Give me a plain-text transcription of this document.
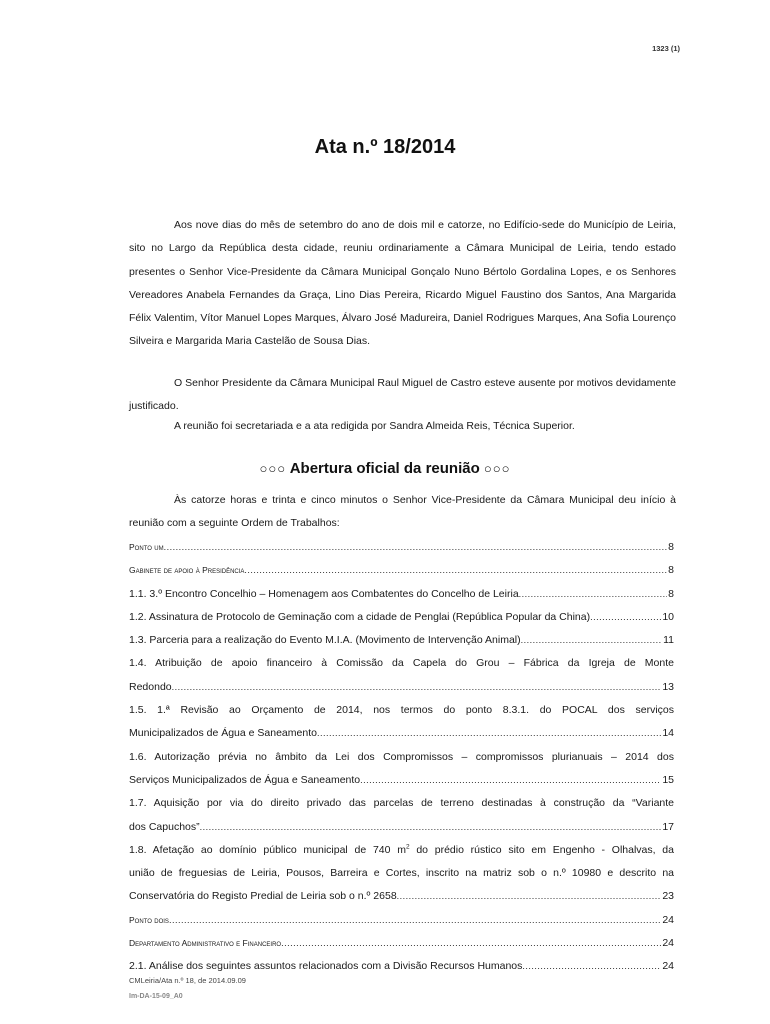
1323 (1)
Ata n.º 18/2014
Aos nove dias do mês de setembro do ano de dois mil e catorze, no Edifício-sede do Município de Leiria, sito no Largo da República desta cidade, reuniu ordinariamente a Câmara Municipal de Leiria, tendo estado presentes o Senhor Vice-Presidente da Câmara Municipal Gonçalo Nuno Bértolo Gordalina Lopes, e os Senhores Vereadores Anabela Fernandes da Graça, Lino Dias Pereira, Ricardo Miguel Faustino dos Santos, Ana Margarida Félix Valentim, Vítor Manuel Lopes Marques, Álvaro José Madureira, Daniel Rodrigues Marques, Ana Sofia Lourenço Silveira e Margarida Maria Castelão de Sousa Dias.
O Senhor Presidente da Câmara Municipal Raul Miguel de Castro esteve ausente por motivos devidamente justificado.
A reunião foi secretariada e a ata redigida por Sandra Almeida Reis, Técnica Superior.
○○○ Abertura oficial da reunião ○○○
Às catorze horas e trinta e cinco minutos o Senhor Vice-Presidente da Câmara Municipal deu início à reunião com a seguinte Ordem de Trabalhos:
Ponto um .....	8
Gabinete de apoio à Presidência .....	8
1.1. 3.º Encontro Concelhio – Homenagem aos Combatentes do Concelho de Leiria .....	8
1.2. Assinatura de Protocolo de Geminação com a cidade de Penglai (República Popular da China) .....	10
1.3. Parceria para a realização do Evento M.I.A. (Movimento de Intervenção Animal) .....	11
1.4. Atribuição de apoio financeiro à Comissão da Capela do Grou – Fábrica da Igreja de Monte
Redondo .....	13
1.5. 1.ª Revisão ao Orçamento de 2014, nos termos do ponto 8.3.1. do POCAL dos serviços
Municipalizados de Água e Saneamento .....	14
1.6. Autorização prévia no âmbito da Lei dos Compromissos – compromissos plurianuais – 2014 dos
Serviços Municipalizados de Água e Saneamento .....	15
1.7. Aquisição por via do direito privado das parcelas de terreno destinadas à construção da “Variante
dos Capuchos” .....	17
1.8. Afetação ao domínio público municipal de 740 $m^2$ do prédio rústico sito em Engenho - Olhalvas, da
união de freguesias de Leiria, Pousos, Barreira e Cortes, inscrito na matriz sob o n.º 10980 e descrito na
Conservatória do Registo Predial de Leiria sob o n.º 2658 .....	23
Ponto dois .....	24
Departamento Administrativo e Financeiro .....	24
2.1. Análise dos seguintes assuntos relacionados com a Divisão Recursos Humanos .....	24
CMLeiria/Ata n.º 18, de 2014.09.09
Im-DA-15-09_A0
